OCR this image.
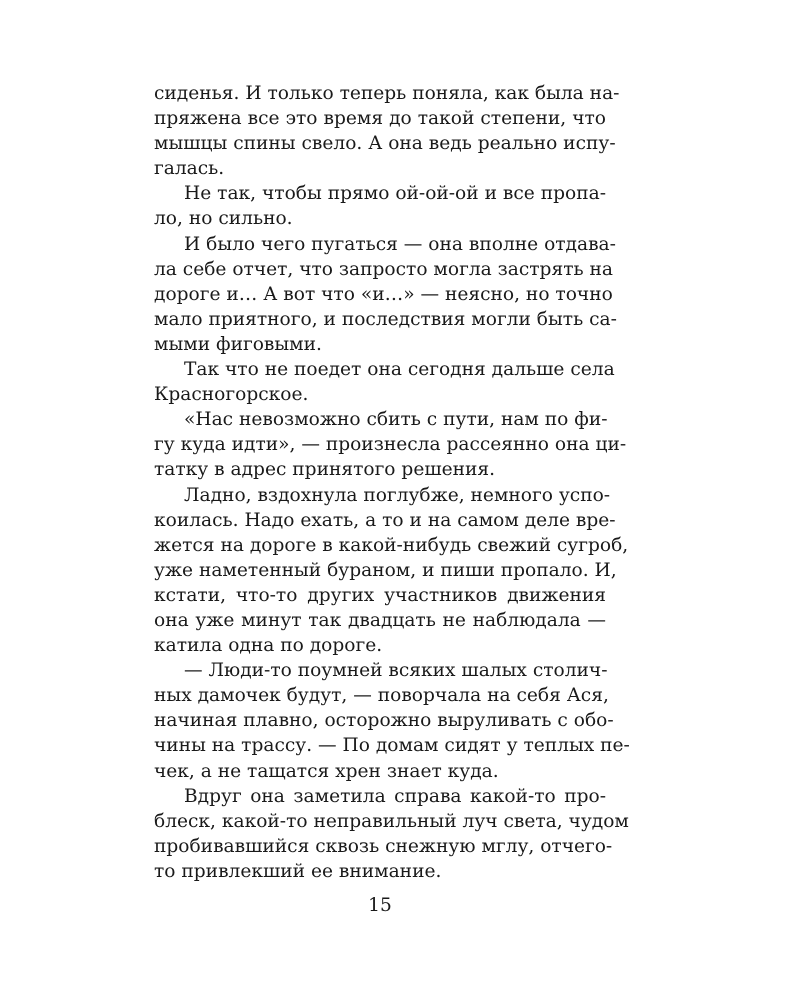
сиденья. И только теперь поняла, как была на-
пряжена все это время до такой степени, что
мышцы спины свело. А она ведь реально испу-
галась.
Не так, чтобы прямо ой-ой-ой и все пропа-
ло, но сильно.
И было чего пугаться — она вполне отдава-
ла себе отчет, что запросто могла застрять на
дороге и… А вот что «и…» — неясно, но точно
мало приятного, и последствия могли быть са-
мыми фиговыми.
Так что не поедет она сегодня дальше села
Красногорское.
«Нас невозможно сбить с пути, нам по фи-
гу куда идти», — произнесла рассеянно она ци-
татку в адрес принятого решения.
Ладно, вздохнула поглубже, немного успо-
коилась. Надо ехать, а то и на самом деле вре-
жется на дороге в какой-нибудь свежий сугроб,
уже наметенный бураном, и пиши пропало. И,
кстати, что-то других участников движения
она уже минут так двадцать не наблюдала —
катила одна по дороге.
— Люди-то поумней всяких шалых столич-
ных дамочек будут, — поворчала на себя Ася,
начиная плавно, осторожно выруливать с обо-
чины на трассу. — По домам сидят у теплых пе-
чек, а не тащатся хрен знает куда.
Вдруг она заметила справа какой-то про-
блеск, какой-то неправильный луч света, чудом
пробивавшийся сквозь снежную мглу, отчего-
то привлекший ее внимание.
15
